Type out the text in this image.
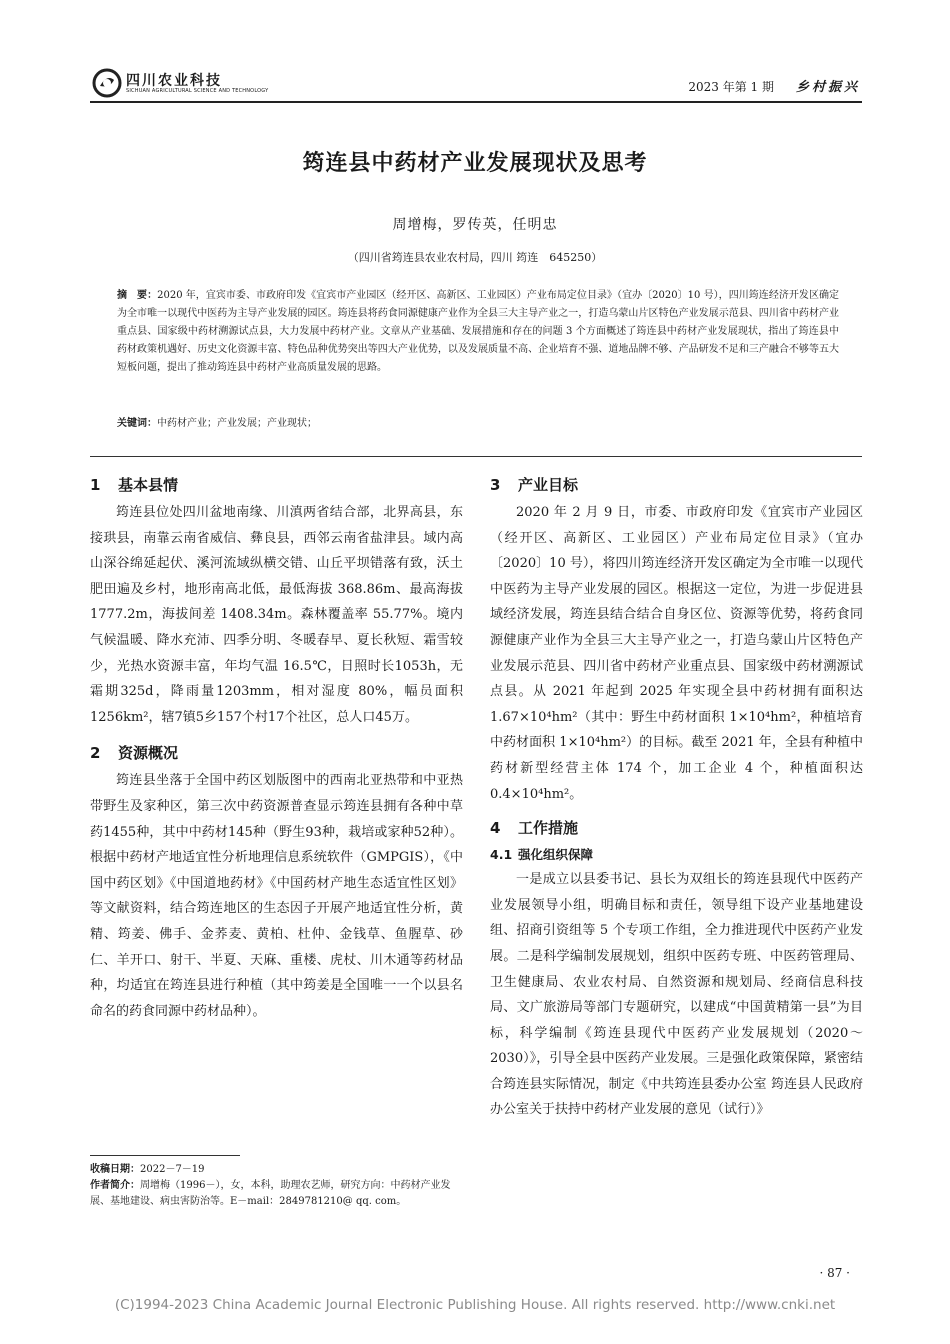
四川农业科技
SICHUAN AGRICULTURAL SCIENCE AND TECHNOLOGY	2023 年第 1 期 乡村振兴
筠连县中药材产业发展现状及思考
周增梅，罗传英，任明忠
（四川省筠连县农业农村局，四川 筠连　645250）
摘　要：2020 年，宜宾市委、市政府印发《宜宾市产业园区（经开区、高新区、工业园区）产业布局定位目录》（宜办〔2020〕10 号），四川筠连经济开发区确定为全市唯一以现代中医药为主导产业发展的园区。筠连县将药食同源健康产业作为全县三大主导产业之一，打造乌蒙山片区特色产业发展示范县、四川省中药材产业重点县、国家级中药材溯源试点县，大力发展中药材产业。文章从产业基础、发展措施和存在的问题 3 个方面概述了筠连县中药材产业发展现状，指出了筠连县中药材政策机遇好、历史文化资源丰富、特色品种优势突出等四大产业优势，以及发展质量不高、企业培育不强、道地品牌不够、产品研发不足和三产融合不够等五大短板问题，提出了推动筠连县中药材产业高质量发展的思路。
关键词：中药材产业；产业发展；产业现状；
1 基本县情

筠连县位处四川盆地南缘、川滇两省结合部，北界高县，东接珙县，南靠云南省威信、彝良县，西邻云南省盐津县。域内高山深谷绵延起伏、溪河流域纵横交错、山丘平坝错落有致，沃土肥田遍及乡村，地形南高北低，最低海拔 368.86m、最高海拔 1777.2m，海拔间差 1408.34m。森林覆盖率 55.77%。境内气候温暖、降水充沛、四季分明、冬暖春早、夏长秋短、霜雪较少，光热水资源丰富，年均气温 16.5℃，日照时长1053h，无霜期325d，降雨量1203mm，相对湿度 80%，幅员面积1256km²，辖7镇5乡157个村17个社区，总人口45万。

2 资源概况

筠连县坐落于全国中药区划版图中的西南北亚热带和中亚热带野生及家种区，第三次中药资源普查显示筠连县拥有各种中草药1455种，其中中药材145种（野生93种，栽培或家种52种）。根据中药材产地适宜性分析地理信息系统软件（GMPGIS），《中国中药区划》《中国道地药材》《中国药材产地生态适宜性区划》等文献资料，结合筠连地区的生态因子开展产地适宜性分析，黄精、筠姜、佛手、金荞麦、黄柏、杜仲、金钱草、鱼腥草、砂仁、羊开口、射干、半夏、天麻、重楼、虎杖、川木通等药材品种，均适宜在筠连县进行种植（其中筠姜是全国唯一一个以县名命名的药食同源中药材品种）。

收稿日期：2022－7－19
作者简介：周增梅（1996－），女，本科，助理农艺师，研究方向：中药材产业发展、基地建设、病虫害防治等。E－mail：2849781210@ qq. com。
3 产业目标

2020 年 2 月 9 日，市委、市政府印发《宜宾市产业园区（经开区、高新区、工业园区）产业布局定位目录》（宜办〔2020〕10 号），将四川筠连经济开发区确定为全市唯一以现代中医药为主导产业发展的园区。根据这一定位，为进一步促进县域经济发展，筠连县结合结合自身区位、资源等优势，将药食同源健康产业作为全县三大主导产业之一，打造乌蒙山片区特色产业发展示范县、四川省中药材产业重点县、国家级中药材溯源试点县。从 2021 年起到 2025 年实现全县中药材拥有面积达 1.67×10⁴hm²（其中：野生中药材面积 1×10⁴hm²，种植培育中药材面积 1×10⁴hm²）的目标。截至 2021 年，全县有种植中药材新型经营主体 174 个，加工企业 4 个，种植面积达 0.4×10⁴hm²。

4 工作措施
4.1 强化组织保障

一是成立以县委书记、县长为双组长的筠连县现代中医药产业发展领导小组，明确目标和责任，领导组下设产业基地建设组、招商引资组等 5 个专项工作组，全力推进现代中医药产业发展。二是科学编制发展规划，组织中医药专班、中医药管理局、卫生健康局、农业农村局、自然资源和规划局、经商信息科技局、文广旅游局等部门专题研究，以建成“中国黄精第一县”为目标，科学编制《筠连县现代中医药产业发展规划（2020～2030）》，引导全县中医药产业发展。三是强化政策保障，紧密结合筠连县实际情况，制定《中共筠连县委办公室 筠连县人民政府办公室关于扶持中药材产业发展的意见（试行）》

· 87 ·
(C)1994-2023 China Academic Journal Electronic Publishing House. All rights reserved. http://www.cnki.net
